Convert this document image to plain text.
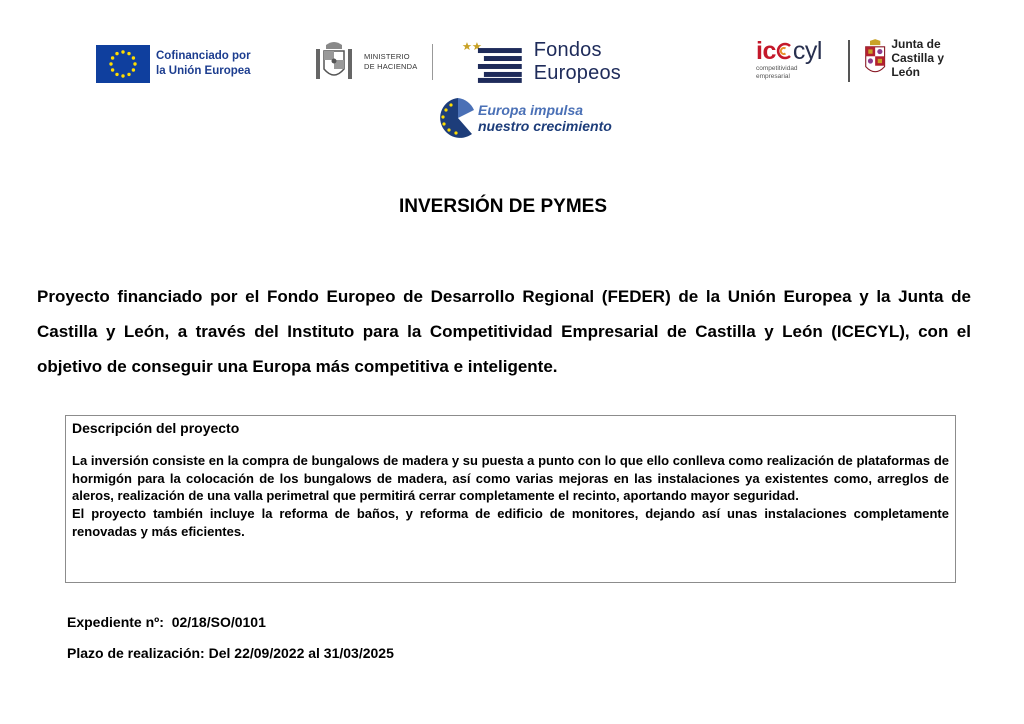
Cofinanciado por
la Unión Europea
MINISTERIO
DE HACIENDA
Fondos Europeos
ic cyl
competitividad
empresarial
Junta de
Castilla y León
Europa impulsa
nuestro crecimiento
INVERSIÓN DE PYMES
Proyecto financiado por el Fondo Europeo de Desarrollo Regional (FEDER) de la Unión Europea y la Junta de Castilla y León, a través del Instituto para la Competitividad Empresarial de Castilla y León (ICECYL), con el objetivo de conseguir una Europa más competitiva e inteligente.
Descripción del proyecto
La inversión consiste en la compra de bungalows de madera y su puesta a punto con lo que ello conlleva como realización de plataformas de hormigón para la colocación de los bungalows de madera, así como varias mejoras en las instalaciones ya existentes como, arreglos de aleros, realización de una valla perimetral que permitirá cerrar completamente el recinto, aportando mayor seguridad.
El proyecto también incluye la reforma de baños, y reforma de edificio de monitores, dejando así unas instalaciones completamente renovadas y más eficientes.
Expediente nº: 02/18/SO/0101
Plazo de realización: Del 22/09/2022 al 31/03/2025
